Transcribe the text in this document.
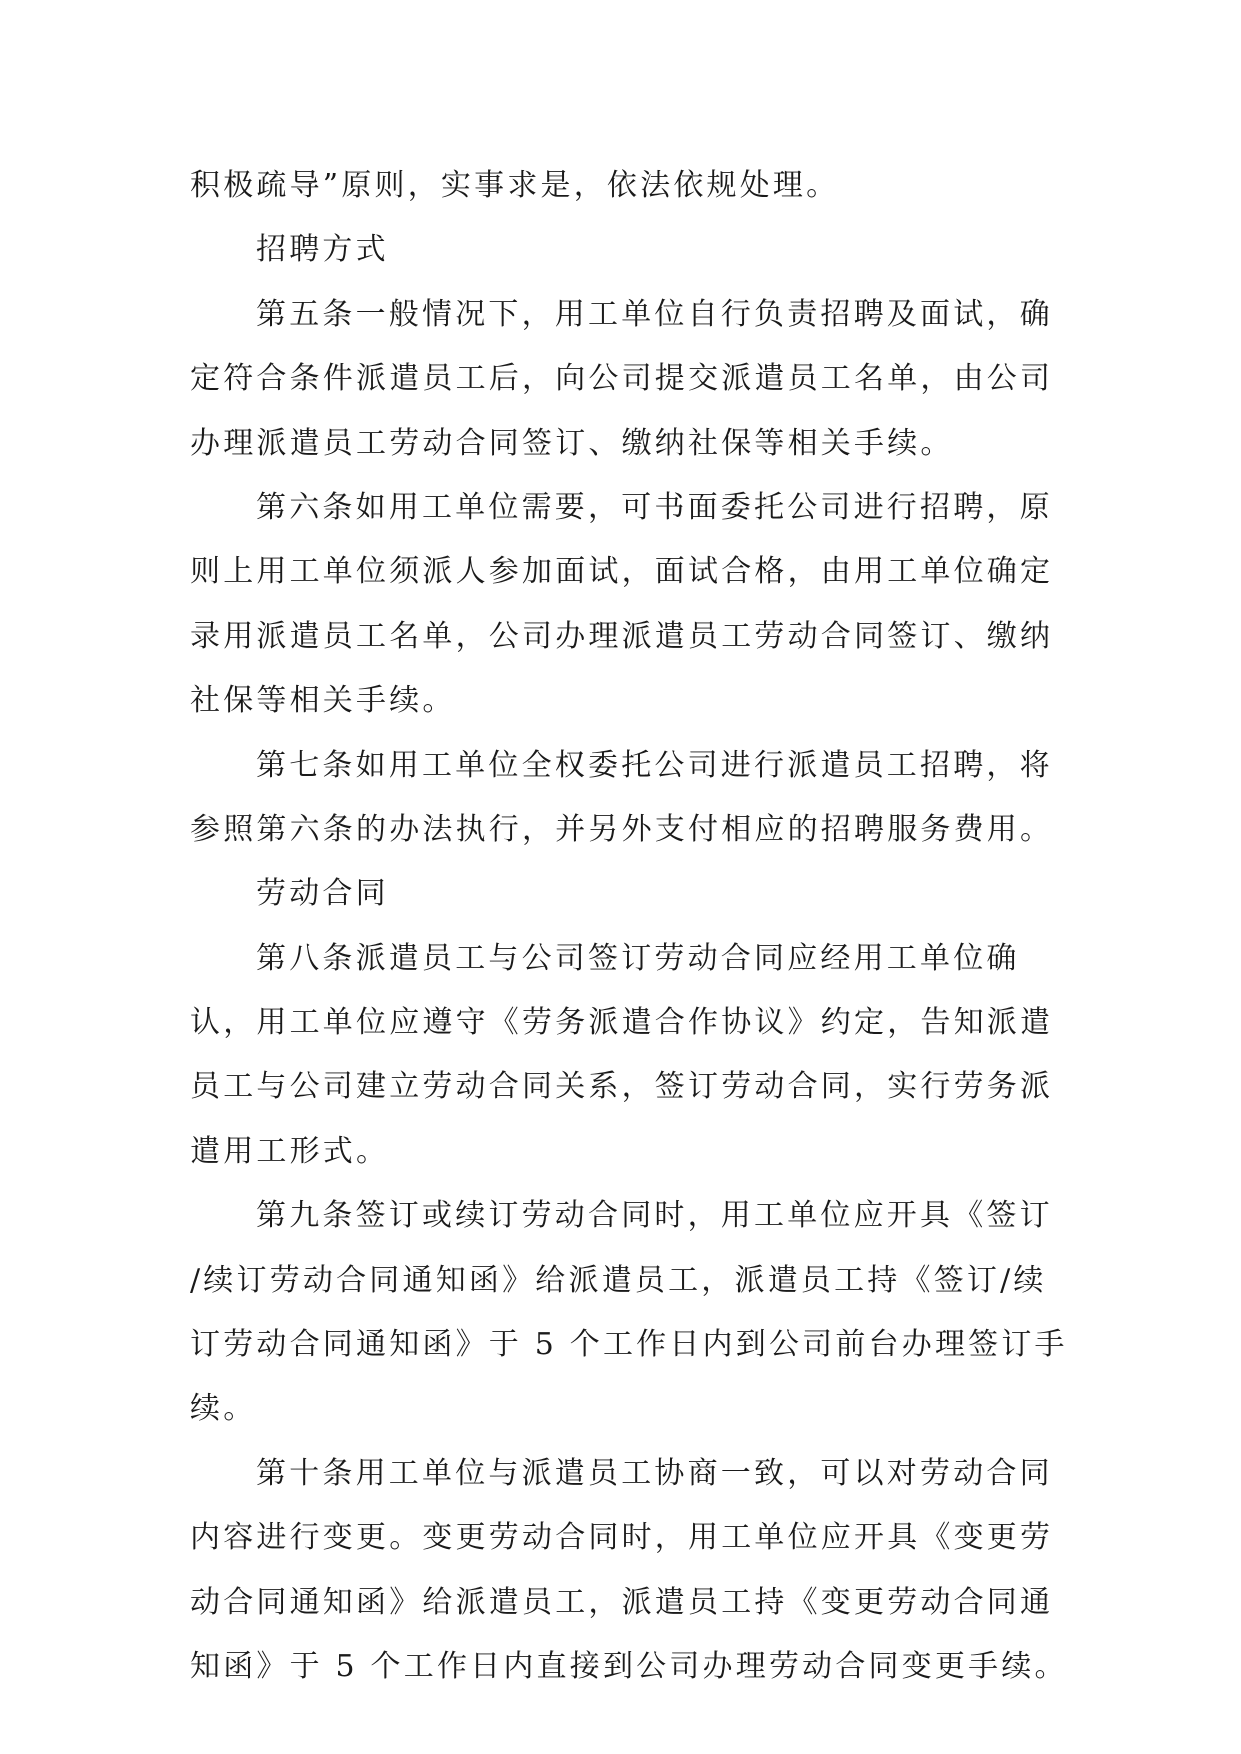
积极疏导”原则，实事求是，依法依规处理。
招聘方式
第五条一般情况下，用工单位自行负责招聘及面试，确
定符合条件派遣员工后，向公司提交派遣员工名单，由公司
办理派遣员工劳动合同签订、缴纳社保等相关手续。
第六条如用工单位需要，可书面委托公司进行招聘，原
则上用工单位须派人参加面试，面试合格，由用工单位确定
录用派遣员工名单，公司办理派遣员工劳动合同签订、缴纳
社保等相关手续。
第七条如用工单位全权委托公司进行派遣员工招聘，将
参照第六条的办法执行，并另外支付相应的招聘服务费用。
劳动合同
第八条派遣员工与公司签订劳动合同应经用工单位确
认，用工单位应遵守《劳务派遣合作协议》约定，告知派遣
员工与公司建立劳动合同关系，签订劳动合同，实行劳务派
遣用工形式。
第九条签订或续订劳动合同时，用工单位应开具《签订
/续订劳动合同通知函》给派遣员工，派遣员工持《签订/续
订劳动合同通知函》于 5 个工作日内到公司前台办理签订手
续。
第十条用工单位与派遣员工协商一致，可以对劳动合同
内容进行变更。变更劳动合同时，用工单位应开具《变更劳
动合同通知函》给派遣员工，派遣员工持《变更劳动合同通
知函》于 5 个工作日内直接到公司办理劳动合同变更手续。
